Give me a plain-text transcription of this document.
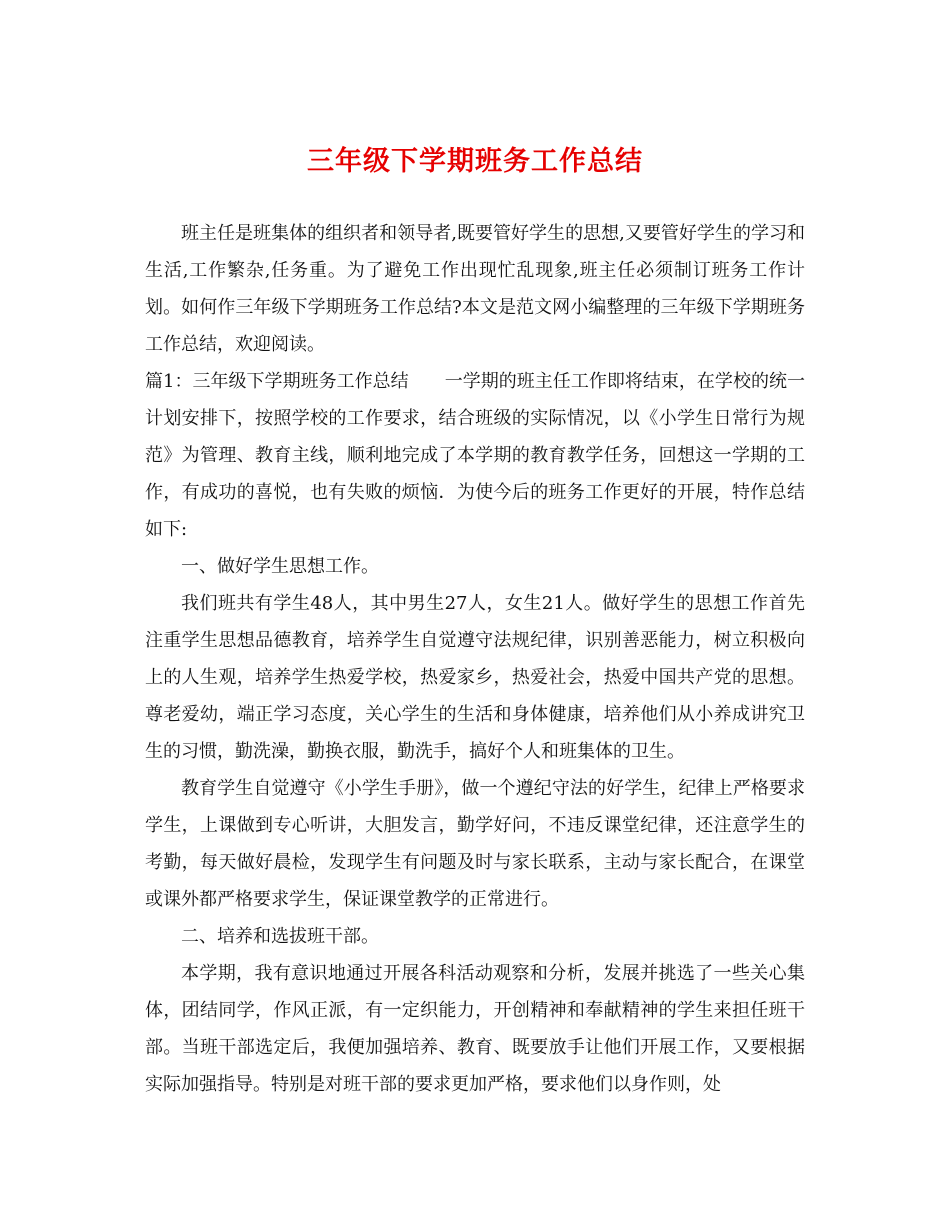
三年级下学期班务工作总结

班主任是班集体的组织者和领导者,既要管好学生的思想,又要管好学生的学习和生活,工作繁杂,任务重。为了避免工作出现忙乱现象,班主任必须制订班务工作计划。如何作三年级下学期班务工作总结?本文是范文网小编整理的三年级下学期班务工作总结，欢迎阅读。

篇1：三年级下学期班务工作总结　　一学期的班主任工作即将结束，在学校的统一计划安排下，按照学校的工作要求，结合班级的实际情况，以《小学生日常行为规范》为管理、教育主线，顺利地完成了本学期的教育教学任务，回想这一学期的工作，有成功的喜悦，也有失败的烦恼．为使今后的班务工作更好的开展，特作总结如下:

一、做好学生思想工作。

我们班共有学生48人，其中男生27人，女生21人。做好学生的思想工作首先注重学生思想品德教育，培养学生自觉遵守法规纪律，识别善恶能力，树立积极向上的人生观，培养学生热爱学校，热爱家乡，热爱社会，热爱中国共产党的思想。尊老爱幼，端正学习态度，关心学生的生活和身体健康，培养他们从小养成讲究卫生的习惯，勤洗澡，勤换衣服，勤洗手，搞好个人和班集体的卫生。

教育学生自觉遵守《小学生手册》，做一个遵纪守法的好学生，纪律上严格要求学生，上课做到专心听讲，大胆发言，勤学好问，不违反课堂纪律，还注意学生的考勤，每天做好晨检，发现学生有问题及时与家长联系，主动与家长配合，在课堂或课外都严格要求学生，保证课堂教学的正常进行。

二、培养和选拔班干部。

本学期，我有意识地通过开展各科活动观察和分析，发展并挑选了一些关心集体，团结同学，作风正派，有一定织能力，开创精神和奉献精神的学生来担任班干部。当班干部选定后，我便加强培养、教育、既要放手让他们开展工作，又要根据实际加强指导。特别是对班干部的要求更加严格，要求他们以身作则，处
